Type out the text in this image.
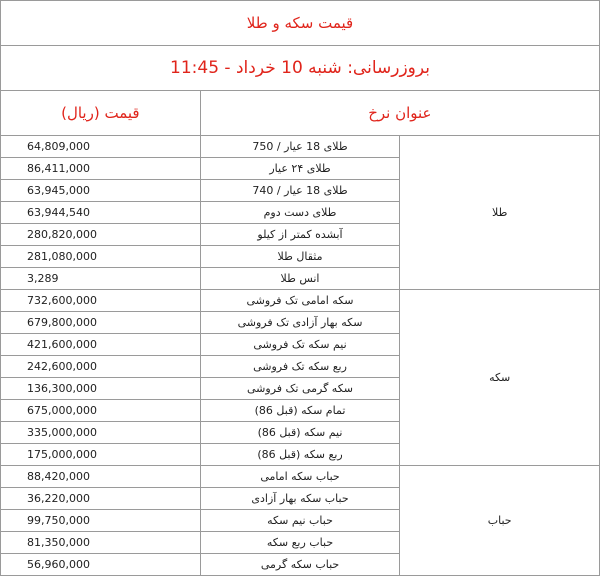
قیمت سکه و طلا		
بروزرسانی: شنبه 10 خرداد - 11:45		
عنوان نرخ		قیمت (ریال)
طلا	طلای 18 عیار / 750	64,809,000
	طلای ۲۴ عیار	86,411,000
	طلای 18 عیار / 740	63,945,000
	طلای دست دوم	63,944,540
	آبشده کمتر از کیلو	280,820,000
	مثقال طلا	281,080,000
	انس طلا	3,289
سکه	سکه امامی تک فروشی	732,600,000
	سکه بهار آزادی تک فروشی	679,800,000
	نیم سکه تک فروشی	421,600,000
	ربع سکه تک فروشی	242,600,000
	سکه گرمی تک فروشی	136,300,000
	تمام سکه (قبل 86)	675,000,000
	نیم سکه (قبل 86)	335,000,000
	ربع سکه (قبل 86)	175,000,000
حباب	حباب سکه امامی	88,420,000
	حباب سکه بهار آزادی	36,220,000
	حباب نیم سکه	99,750,000
	حباب ربع سکه	81,350,000
	حباب سکه گرمی	56,960,000
